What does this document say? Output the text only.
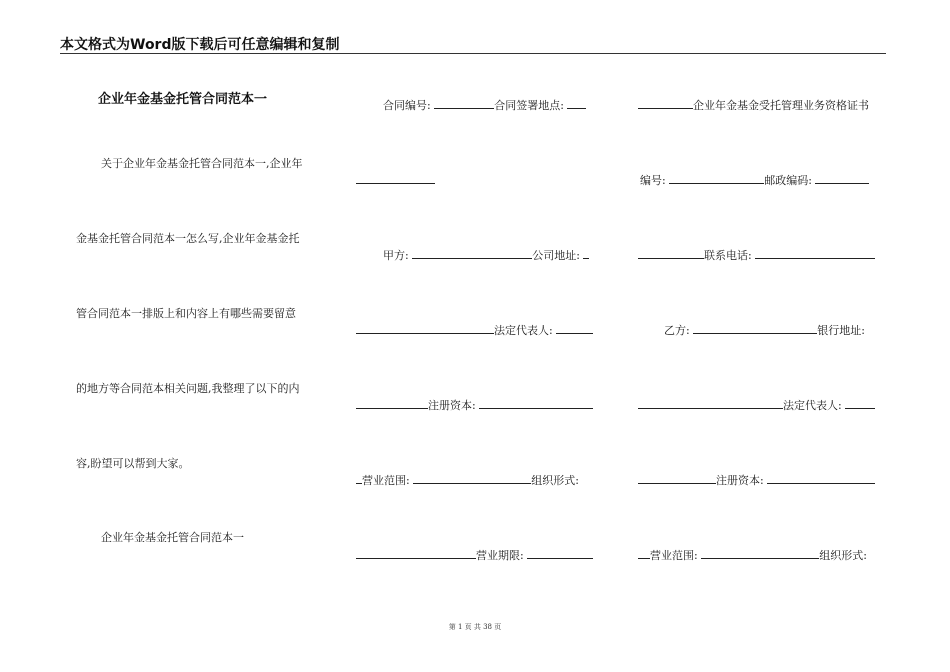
本文格式为Word版下载后可任意编辑和复制
企业年金基金托管合同范本一
关于企业年金基金托管合同范本一,企业年
金基金托管合同范本一怎么写,企业年金基金托
管合同范本一排版上和内容上有哪些需要留意
的地方等合同范本相关问题,我整理了以下的内
容,盼望可以帮到大家。
企业年金基金托管合同范本一
合同编号:	合同签署地点:
甲方:	公司地址:
法定代表人:
注册资本:
营业范围:	组织形式:
营业期限:
企业年金基金受托管理业务资格证书
编号:	邮政编码:
联系电话:
乙方:	银行地址:
法定代表人:
注册资本:
营业范围:	组织形式:
第 1 页 共 38 页
